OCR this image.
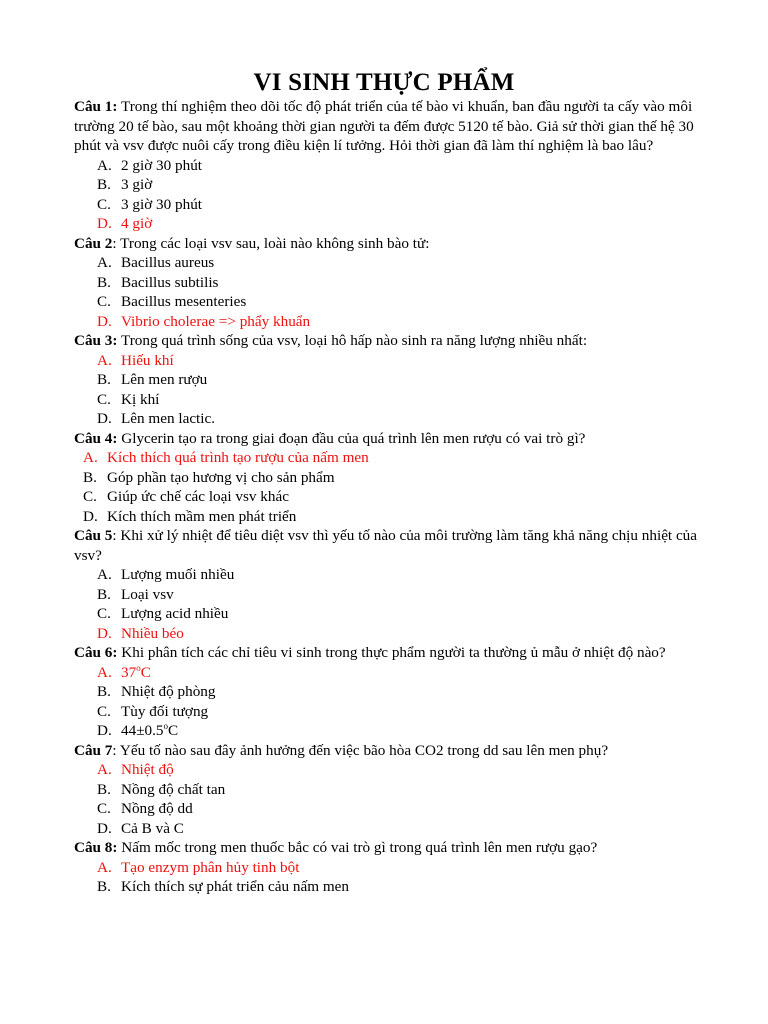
VI SINH THỰC PHẨM

Câu 1: Trong thí nghiệm theo dõi tốc độ phát triển của tế bào vi khuẩn, ban đầu người ta cấy vào môi trường 20 tế bào, sau một khoảng thời gian người ta đếm được 5120 tế bào. Giả sử thời gian thế hệ 30 phút và vsv được nuôi cấy trong điều kiện lí tưởng. Hỏi thời gian đã làm thí nghiệm là bao lâu?

A. 2 giờ 30 phút
B. 3 giờ
C. 3 giờ 30 phút
D. 4 giờ

Câu 2: Trong các loại vsv sau, loài nào không sinh bào tử:

A. Bacillus aureus
B. Bacillus subtilis
C. Bacillus mesenteries
D. Vibrio cholerae => phẩy khuẩn

Câu 3: Trong quá trình sống của vsv, loại hô hấp nào sinh ra năng lượng nhiều nhất:

A. Hiếu khí
B. Lên men rượu
C. Kị khí
D. Lên men lactic.

Câu 4: Glycerin tạo ra trong giai đoạn đầu của quá trình lên men rượu có vai trò gì?

A. Kích thích quá trình tạo rượu của nấm men
B. Góp phần tạo hương vị cho sản phẩm
C. Giúp ức chế các loại vsv khác
D. Kích thích mầm men phát triển

Câu 5: Khi xử lý nhiệt để tiêu diệt vsv thì yếu tố nào của môi trường làm tăng khả năng chịu nhiệt của vsv?

A. Lượng muối nhiều
B. Loại vsv
C. Lượng acid nhiều
D. Nhiều béo

Câu 6: Khi phân tích các chỉ tiêu vi sinh trong thực phẩm người ta thường ủ mẫu ở nhiệt độ nào?

A. 37$^o$C
B. Nhiệt độ phòng
C. Tùy đối tượng
D. $44\pm 0.5^oC$

Câu 7: Yếu tố nào sau đây ảnh hưởng đến việc bão hòa CO2 trong dd sau lên men phụ?

A. Nhiệt độ
B. Nồng độ chất tan
C. Nồng độ dd
D. Cả B và C

Câu 8: Nấm mốc trong men thuốc bắc có vai trò gì trong quá trình lên men rượu gạo?

A. Tạo enzym phân hủy tinh bột
B. Kích thích sự phát triển cảu nấm men
